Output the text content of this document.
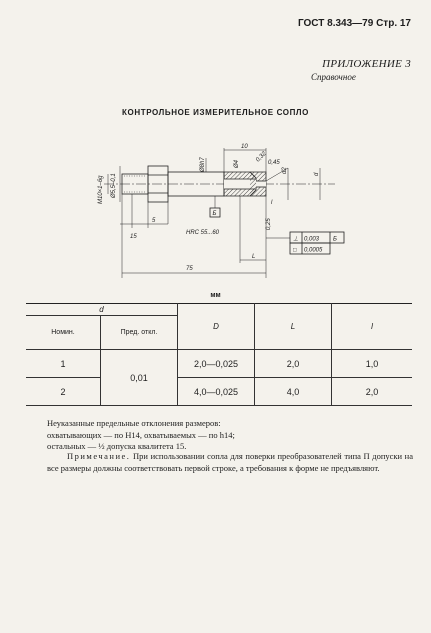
ГОСТ 8.343—79 Стр. 17
ПРИЛОЖЕНИЕ 3
Справочное
КОНТРОЛЬНОЕ ИЗМЕРИТЕЛЬНОЕ СОПЛО
М10×1–6g Ø5,5–0,1
Ø8h7	Ø4
10
0,45
d2
d
5
15
75
L
l
0,32
0,25
Б
HRC 55...60
⊥ 0,003 Б
□ 0,0005
мм
d		D	L	l
Номин.	Пред. откл.			
1	0,01	2,0—0,025	2,0	1,0
2		4,0—0,025	4,0	2,0
Неуказанные предельные отклонения размеров:
охватывающих — по Н14, охватываемых — по h14;
остальных — ½ допуска квалитета 15.
Примечание. При использовании сопла для поверки преобразователей типа П допуски на все размеры должны соответствовать первой строке, а требования к форме не предъявляют.
